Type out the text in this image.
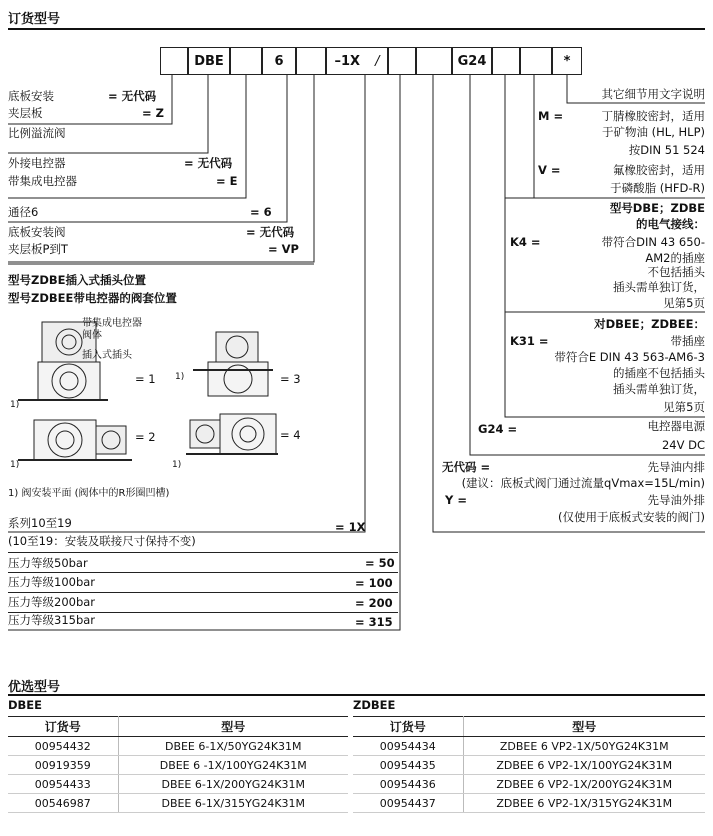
订货型号
DBE	6	–1X /	G24	*
底板安装	= 无代码
夹层板	= Z
比例溢流阀
外接电控器	= 无代码
带集成电控器	= E
通径6	= 6
底板安装阀	= 无代码
夹层板P到T	= VP
型号ZDBE插入式插头位置
型号ZDBEE带电控器的阀套位置
带集成电控器
阀体
插入式插头
= 1
= 2
= 3
= 4
1)
1)
1)
1)
1) 阀安装平面 (阀体中的R形圈凹槽)
系列10至19
(10至19：安装及联接尺寸保持不变)
= 1X
压力等级50bar	= 50
压力等级100bar	= 100
压力等级200bar	= 200
压力等级315bar	= 315
其它细节用文字说明
M =	丁腈橡胶密封，适用
于矿物油 (HL, HLP)
按DIN 51 524
V =	氟橡胶密封，适用
于磷酸脂 (HFD-R)
型号DBE；ZDBE
的电气接线：
K4 =	带符合DIN 43 650-
AM2的插座
不包括插头
插头需单独订货，
见第5页
对DBEE；ZDBEE：
K31 =	带插座
带符合E DIN 43 563-AM6-3
的插座不包括插头
插头需单独订货，
见第5页
G24 =	电控器电源
24V DC
无代码 =	先导油内排
(建议：底板式阀门通过流量qVmax=15L/min)
Y =	先导油外排
(仅使用于底板式安装的阀门)
优选型号
DBEE	ZDBEE
订货号	型号
00954432	DBEE 6-1X/50YG24K31M
00919359	DBEE 6 -1X/100YG24K31M
00954433	DBEE 6-1X/200YG24K31M
00546987	DBEE 6-1X/315YG24K31M
订货号	型号
00954434	ZDBEE 6 VP2-1X/50YG24K31M
00954435	ZDBEE 6 VP2-1X/100YG24K31M
00954436	ZDBEE 6 VP2-1X/200YG24K31M
00954437	ZDBEE 6 VP2-1X/315YG24K31M
